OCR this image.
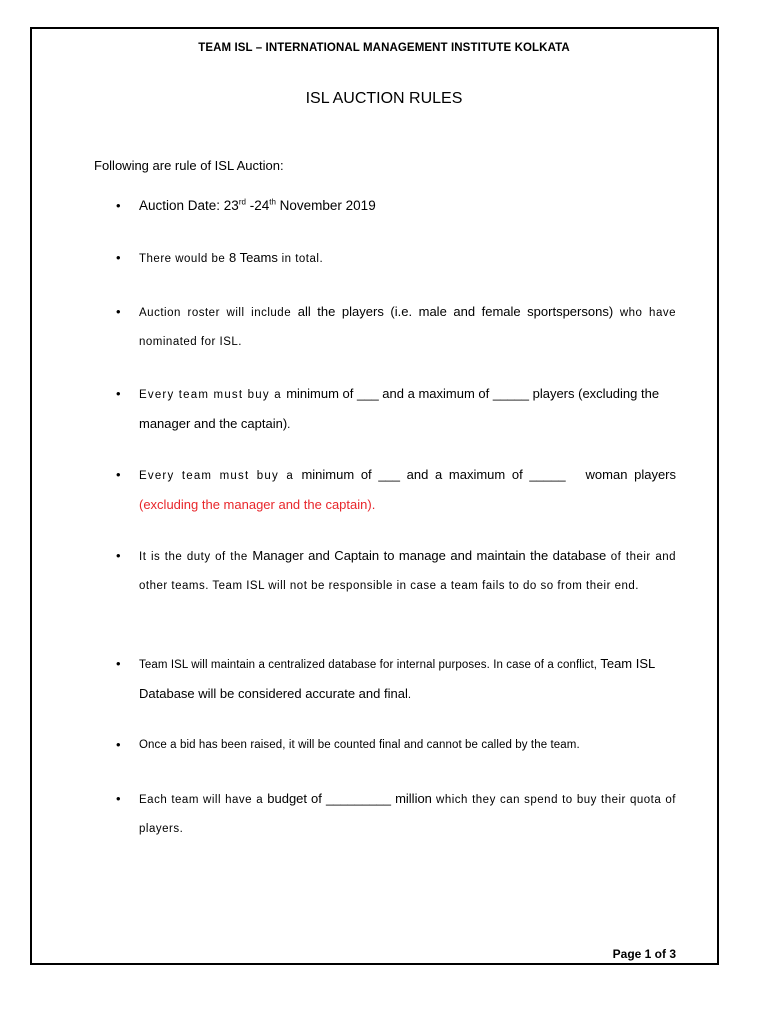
TEAM ISL – INTERNATIONAL MANAGEMENT INSTITUTE KOLKATA
ISL AUCTION RULES
Following are rule of ISL Auction:
• Auction Date: 23rd -24th November 2019
• There would be 8 Teams in total.
• Auction roster will include all the players (i.e. male and female sportspersons) who have nominated for ISL.
• Every team must buy a minimum of ___ and a maximum of _____ players (excluding the manager and the captain).
• Every team must buy a minimum of ___ and a maximum of _____   woman players (excluding the manager and the captain).
• It is the duty of the Manager and Captain to manage and maintain the database of their and other teams. Team ISL will not be responsible in case a team fails to do so from their end.
• Team ISL will maintain a centralized database for internal purposes. In case of a conflict, Team ISL Database will be considered accurate and final.
• Once a bid has been raised, it will be counted final and cannot be called by the team.
• Each team will have a budget of _________ million which they can spend to buy their quota of players.
Page 1 of 3
